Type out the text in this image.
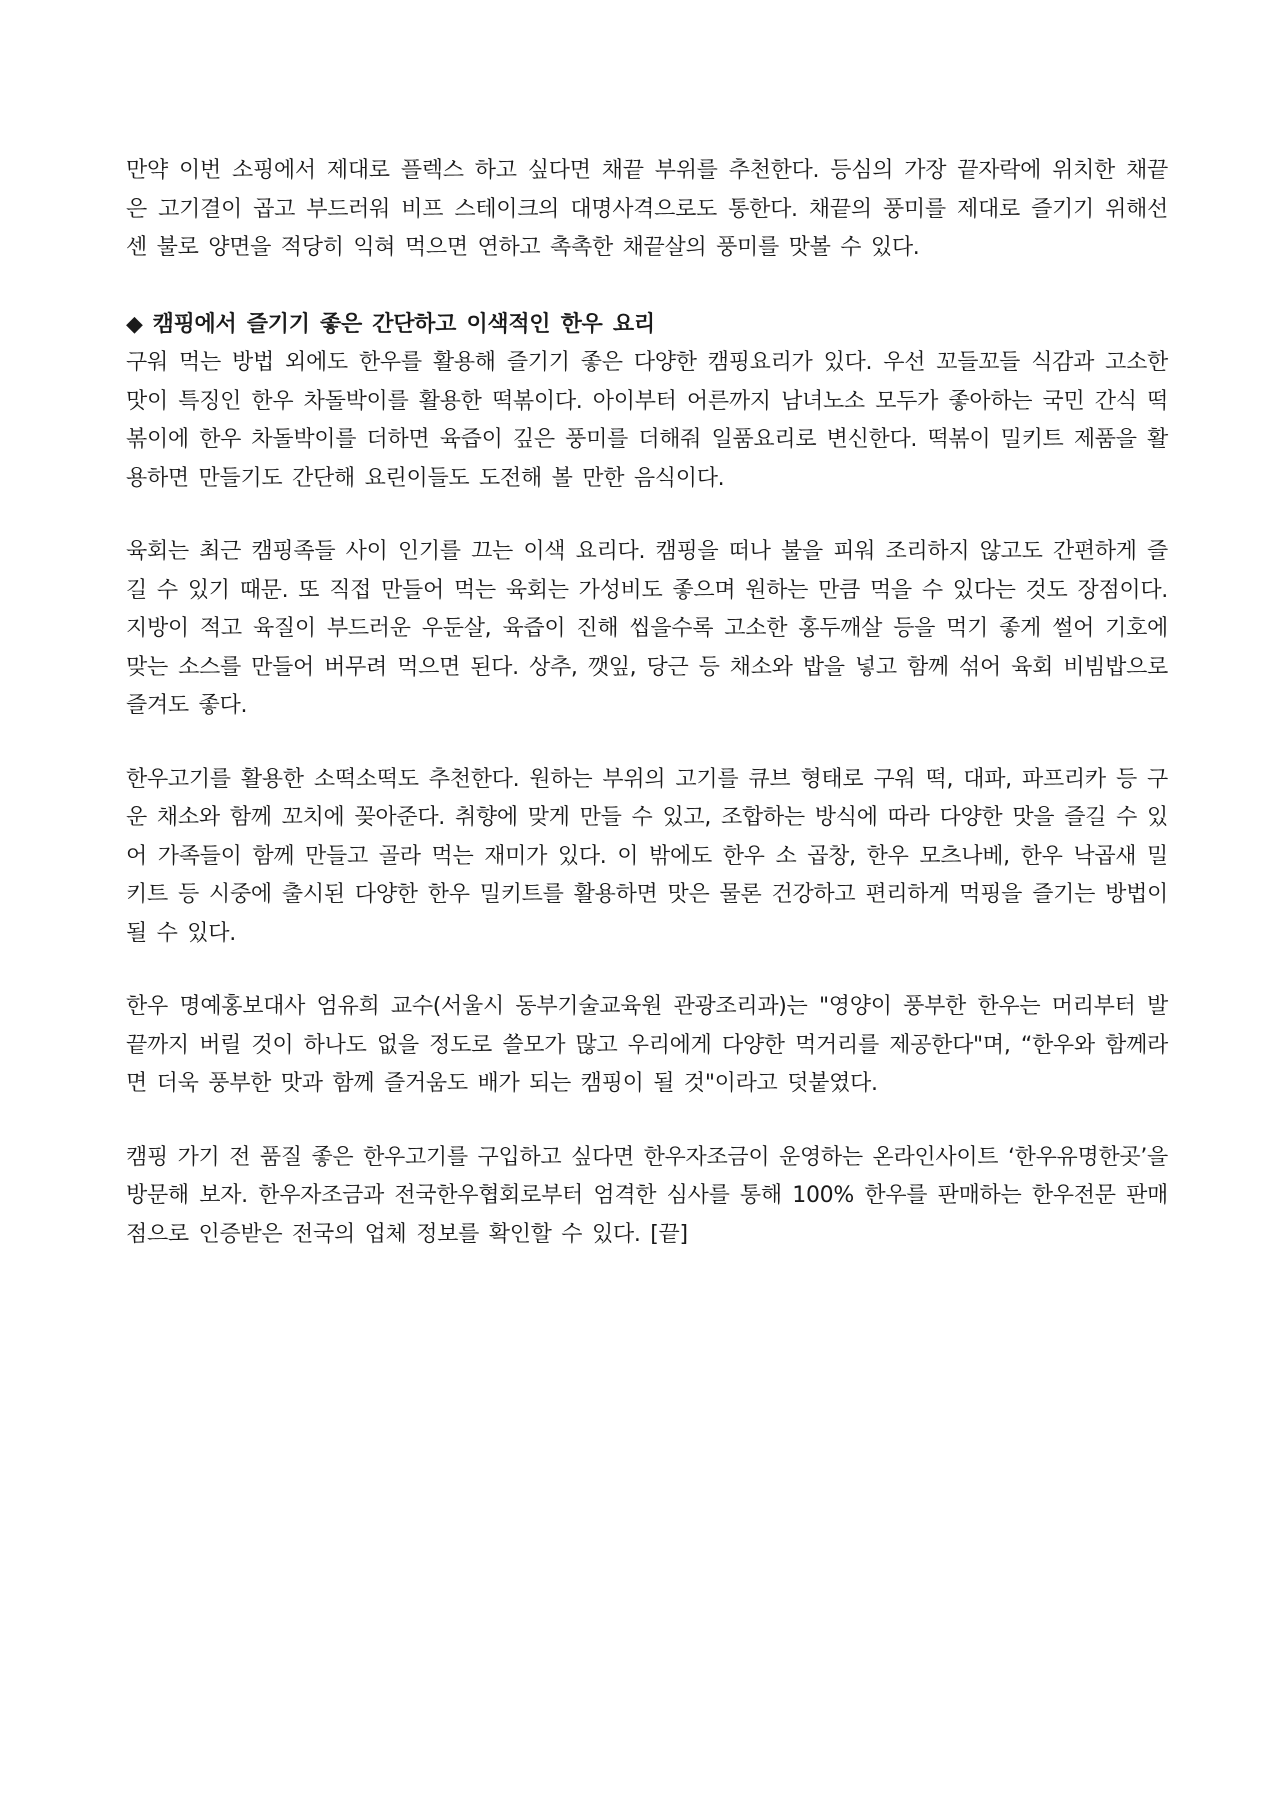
만약 이번 소핑에서 제대로 플렉스 하고 싶다면 채끝 부위를 추천한다. 등심의 가장 끝자락에 위치한 채끝은 고기결이 곱고 부드러워 비프 스테이크의 대명사격으로도 통한다. 채끝의 풍미를 제대로 즐기기 위해선 센 불로 양면을 적당히 익혀 먹으면 연하고 촉촉한 채끝살의 풍미를 맛볼 수 있다.

◆ 캠핑에서 즐기기 좋은 간단하고 이색적인 한우 요리

구워 먹는 방법 외에도 한우를 활용해 즐기기 좋은 다양한 캠핑요리가 있다. 우선 꼬들꼬들 식감과 고소한 맛이 특징인 한우 차돌박이를 활용한 떡볶이다. 아이부터 어른까지 남녀노소 모두가 좋아하는 국민 간식 떡볶이에 한우 차돌박이를 더하면 육즙이 깊은 풍미를 더해줘 일품요리로 변신한다. 떡볶이 밀키트 제품을 활용하면 만들기도 간단해 요린이들도 도전해 볼 만한 음식이다.

육회는 최근 캠핑족들 사이 인기를 끄는 이색 요리다. 캠핑을 떠나 불을 피워 조리하지 않고도 간편하게 즐길 수 있기 때문. 또 직접 만들어 먹는 육회는 가성비도 좋으며 원하는 만큼 먹을 수 있다는 것도 장점이다. 지방이 적고 육질이 부드러운 우둔살, 육즙이 진해 씹을수록 고소한 홍두깨살 등을 먹기 좋게 썰어 기호에 맞는 소스를 만들어 버무려 먹으면 된다. 상추, 깻잎, 당근 등 채소와 밥을 넣고 함께 섞어 육회 비빔밥으로 즐겨도 좋다.

한우고기를 활용한 소떡소떡도 추천한다. 원하는 부위의 고기를 큐브 형태로 구워 떡, 대파, 파프리카 등 구운 채소와 함께 꼬치에 꽂아준다. 취향에 맞게 만들 수 있고, 조합하는 방식에 따라 다양한 맛을 즐길 수 있어 가족들이 함께 만들고 골라 먹는 재미가 있다. 이 밖에도 한우 소 곱창, 한우 모츠나베, 한우 낙곱새 밀키트 등 시중에 출시된 다양한 한우 밀키트를 활용하면 맛은 물론 건강하고 편리하게 먹핑을 즐기는 방법이 될 수 있다.

한우 명예홍보대사 엄유희 교수(서울시 동부기술교육원 관광조리과)는 "영양이 풍부한 한우는 머리부터 발끝까지 버릴 것이 하나도 없을 정도로 쓸모가 많고 우리에게 다양한 먹거리를 제공한다"며, “한우와 함께라면 더욱 풍부한 맛과 함께 즐거움도 배가 되는 캠핑이 될 것"이라고 덧붙였다.

캠핑 가기 전 품질 좋은 한우고기를 구입하고 싶다면 한우자조금이 운영하는 온라인사이트 ‘한우유명한곳’을 방문해 보자. 한우자조금과 전국한우협회로부터 엄격한 심사를 통해 100% 한우를 판매하는 한우전문 판매점으로 인증받은 전국의 업체 정보를 확인할 수 있다. [끝]
